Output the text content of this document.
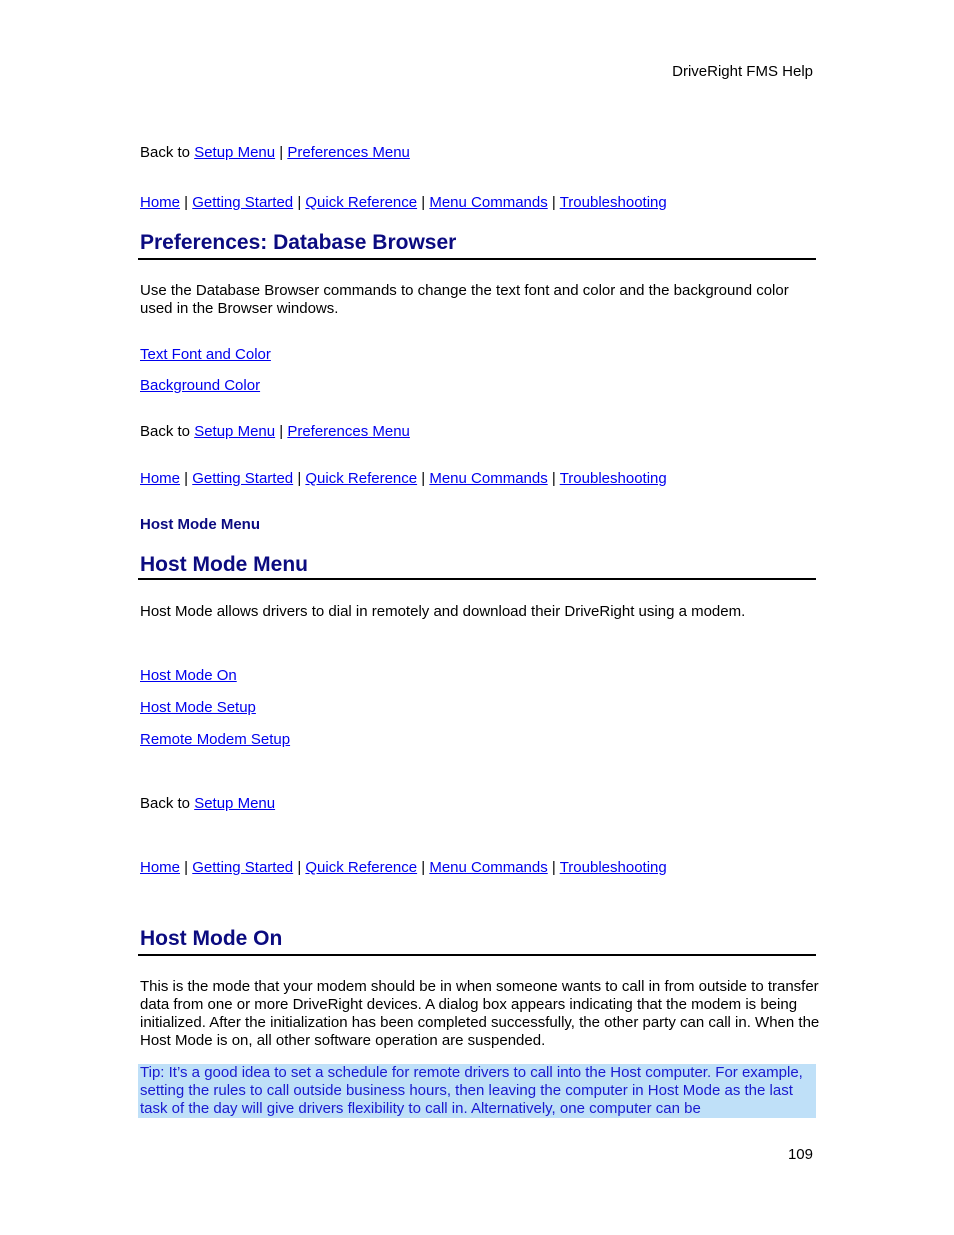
DriveRight FMS Help
Back to Setup Menu | Preferences Menu
Home | Getting Started | Quick Reference | Menu Commands | Troubleshooting
Preferences: Database Browser
Use the Database Browser commands to change the text font and color and the background color used in the Browser windows.
Text Font and Color
Background Color
Back to Setup Menu | Preferences Menu
Home | Getting Started | Quick Reference | Menu Commands | Troubleshooting
Host Mode Menu
Host Mode Menu
Host Mode allows drivers to dial in remotely and download their DriveRight using a modem.
Host Mode On
Host Mode Setup
Remote Modem Setup
Back to Setup Menu
Home | Getting Started | Quick Reference | Menu Commands | Troubleshooting
Host Mode On
This is the mode that your modem should be in when someone wants to call in from outside to transfer data from one or more DriveRight devices. A dialog box appears indicating that the modem is being initialized. After the initialization has been completed successfully, the other party can call in. When the Host Mode is on, all other software operation are suspended.
Tip: It’s a good idea to set a schedule for remote drivers to call into the Host computer. For example, setting the rules to call outside business hours, then leaving the computer in Host Mode as the last task of the day will give drivers flexibility to call in. Alternatively, one computer can be
109
